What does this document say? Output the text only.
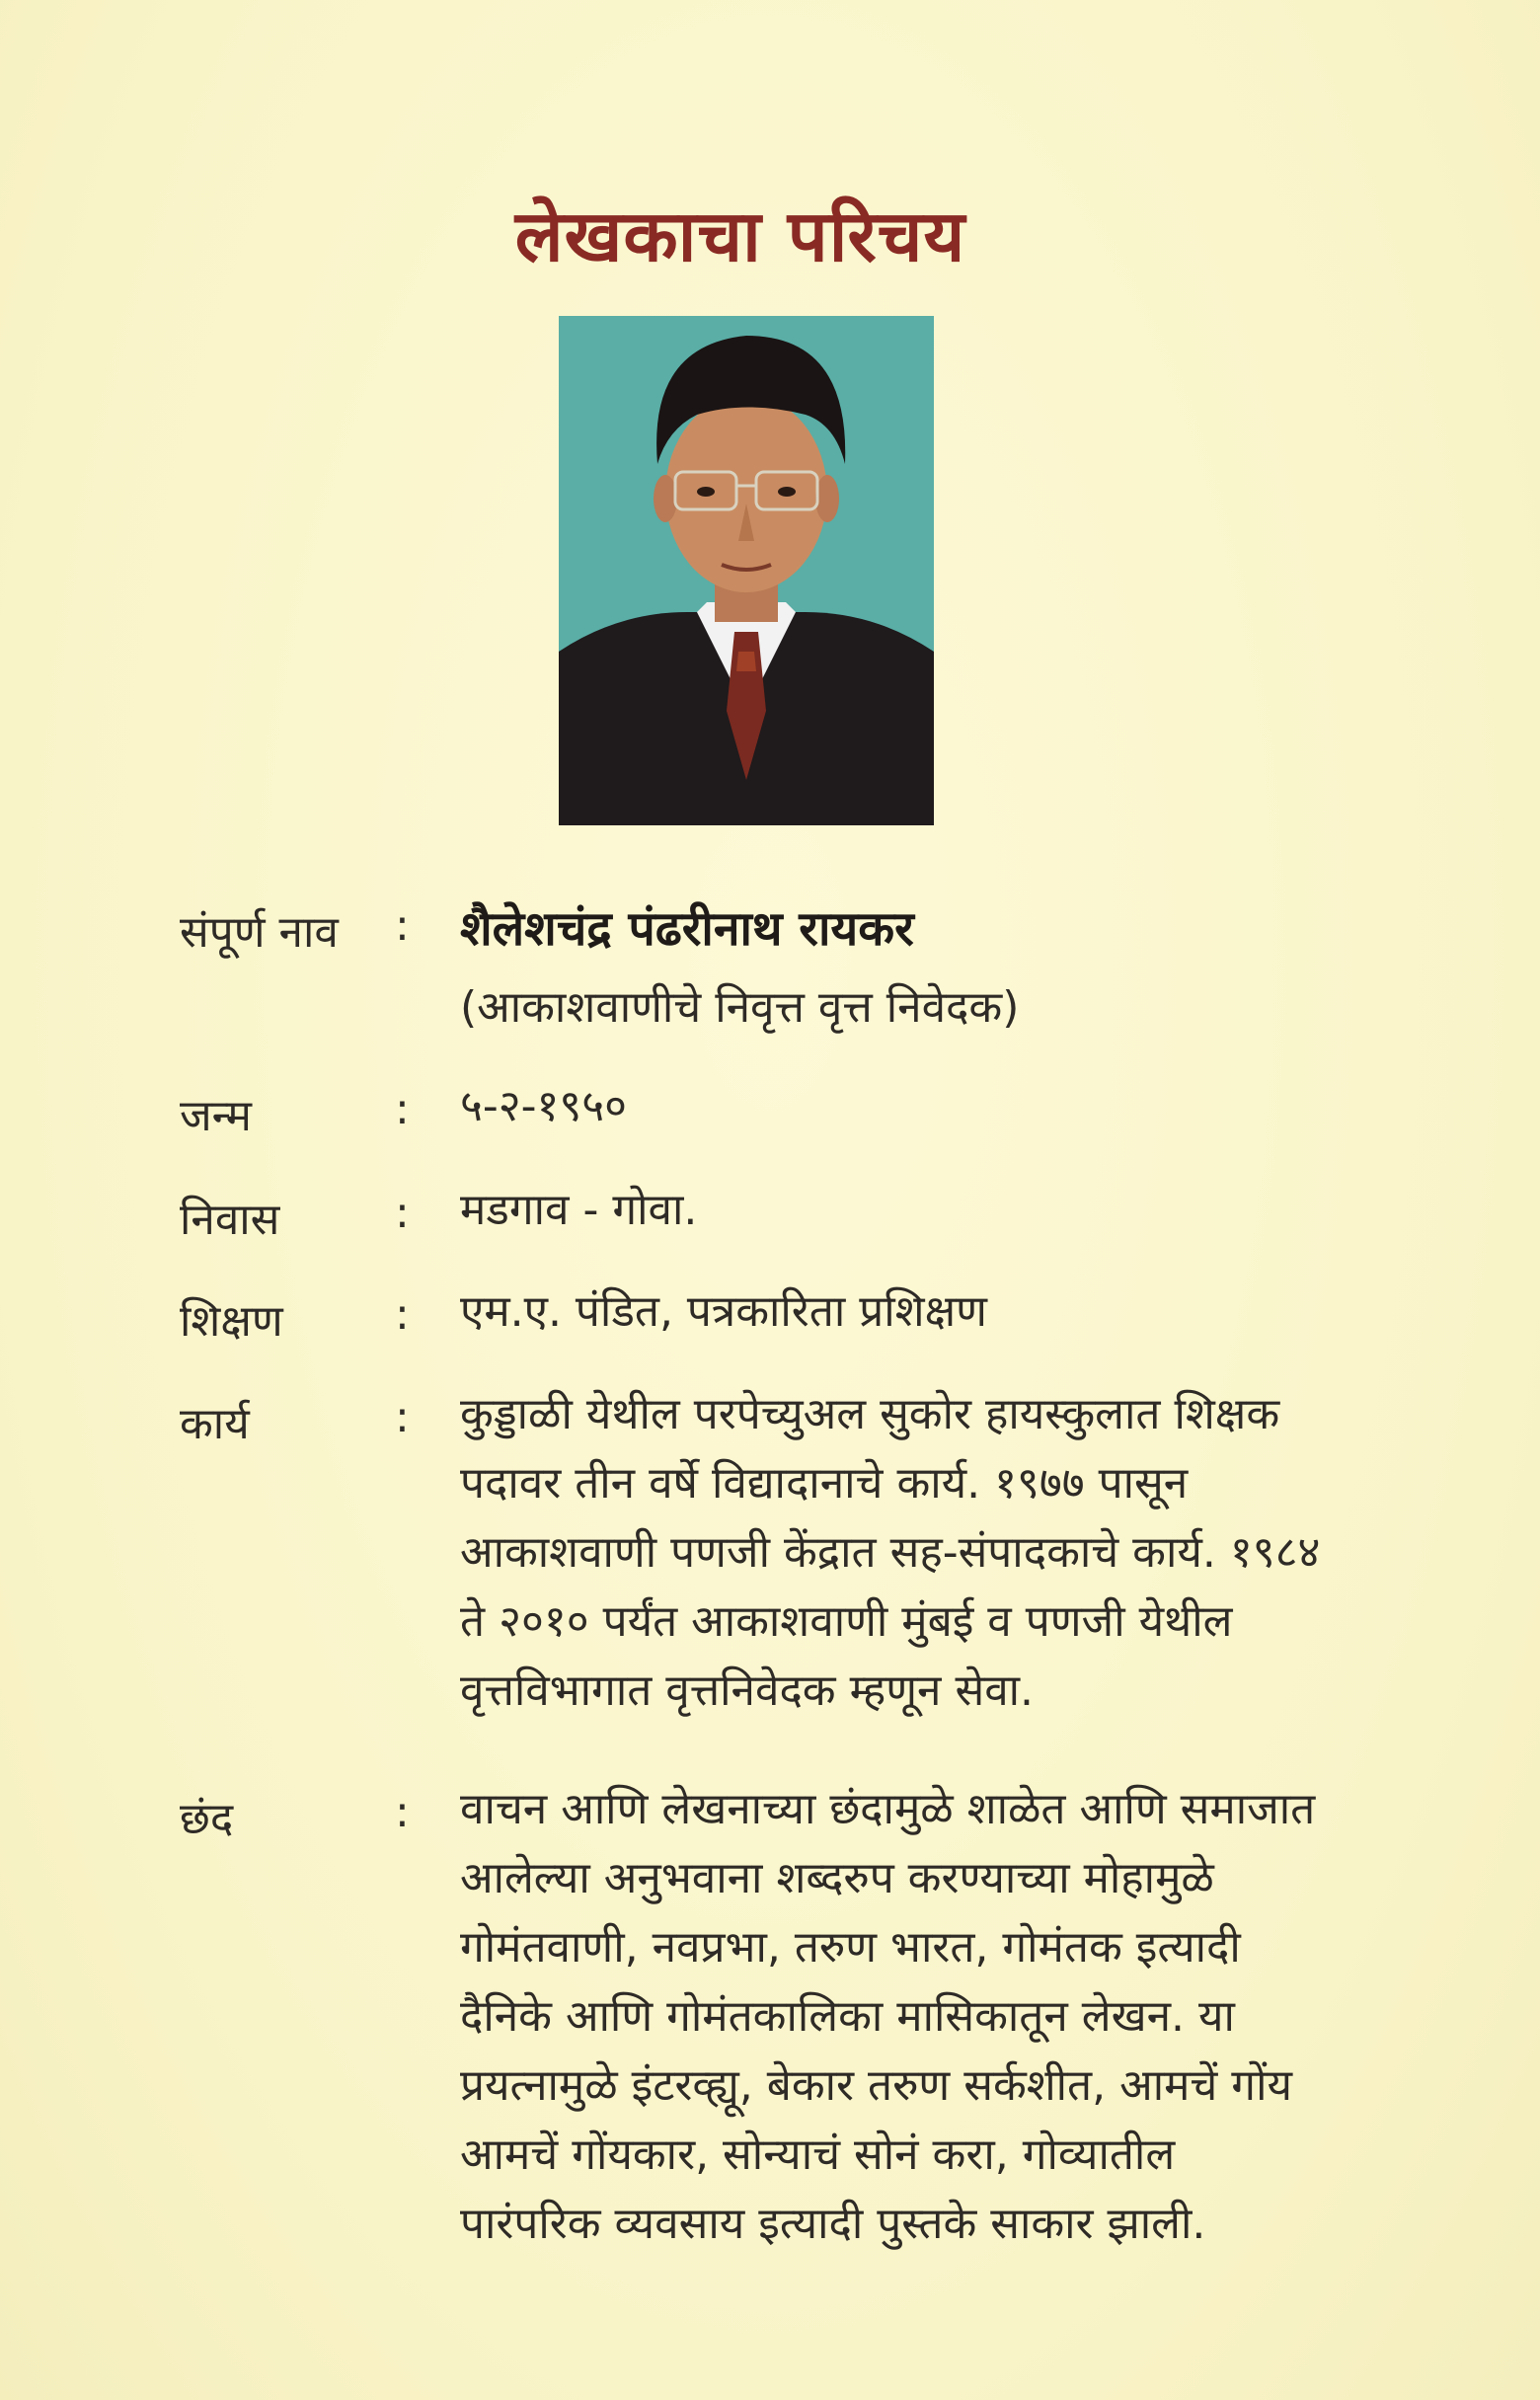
लेखकाचा परिचय
संपूर्ण नाव : शैलेशचंद्र पंढरीनाथ रायकर
(आकाशवाणीचे निवृत्त वृत्त निवेदक)
जन्म	: ५-२-१९५०
निवास	: मडगाव - गोवा.
शिक्षण	: एम.ए. पंडित, पत्रकारिता प्रशिक्षण
कार्य	: कुड्डाळी येथील परपेच्युअल सुकोर हायस्कुलात शिक्षक
पदावर तीन वर्षे विद्यादानाचे कार्य. १९७७ पासून
आकाशवाणी पणजी केंद्रात सह-संपादकाचे कार्य. १९८४
ते २०१० पर्यंत आकाशवाणी मुंबई व पणजी येथील
वृत्तविभागात वृत्तनिवेदक म्हणून सेवा.
छंद	: वाचन आणि लेखनाच्या छंदामुळे शाळेत आणि समाजात
आलेल्या अनुभवाना शब्दरुप करण्याच्या मोहामुळे
गोमंतवाणी, नवप्रभा, तरुण भारत, गोमंतक इत्यादी
दैनिके आणि गोमंतकालिका मासिकातून लेखन. या
प्रयत्नामुळे इंटरव्ह्यू, बेकार तरुण सर्कशीत, आमचें गोंय
आमचें गोंयकार, सोन्याचं सोनं करा, गोव्यातील
पारंपरिक व्यवसाय इत्यादी पुस्तके साकार झाली.
